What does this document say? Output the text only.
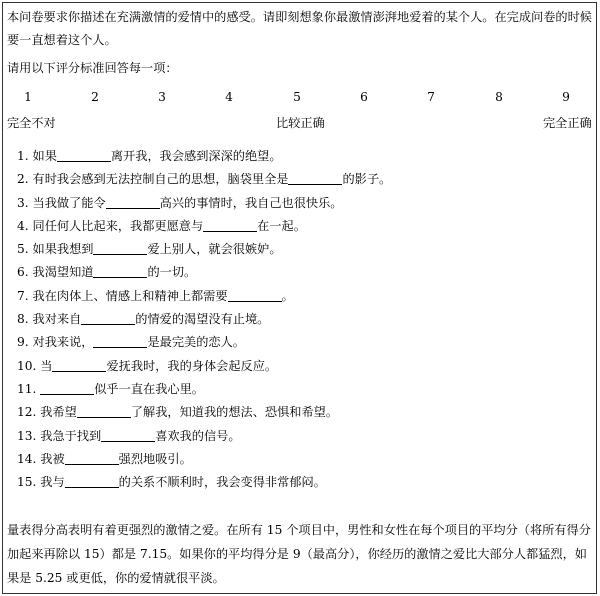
本问卷要求你描述在充满激情的爱情中的感受。请即刻想象你最激情澎湃地爱着的某个人。在完成问卷的时候要一直想着这个人。
请用以下评分标准回答每一项：
1	2	3	4	5	6	7	8	9
完全不对	比较正确	完全正确
1. 如果	离开我，我会感到深深的绝望。
2. 有时我会感到无法控制自己的思想，脑袋里全是	的影子。
3. 当我做了能令	高兴的事情时，我自己也很快乐。
4. 同任何人比起来，我都更愿意与	在一起。
5. 如果我想到	爱上别人，就会很嫉妒。
6. 我渴望知道	的一切。
7. 我在肉体上、情感上和精神上都需要	。
8. 我对来自	的情爱的渴望没有止境。
9. 对我来说，	是最完美的恋人。
10. 当	爱抚我时，我的身体会起反应。
11.	似乎一直在我心里。
12. 我希望	了解我，知道我的想法、恐惧和希望。
13. 我急于找到	喜欢我的信号。
14. 我被	强烈地吸引。
15. 我与	的关系不顺利时，我会变得非常郁闷。
量表得分高表明有着更强烈的激情之爱。在所有 15 个项目中，男性和女性在每个项目的平均分（将所有得分加起来再除以 15）都是 7.15。如果你的平均得分是 9（最高分），你经历的激情之爱比大部分人都猛烈，如果是 5.25 或更低，你的爱情就很平淡。
